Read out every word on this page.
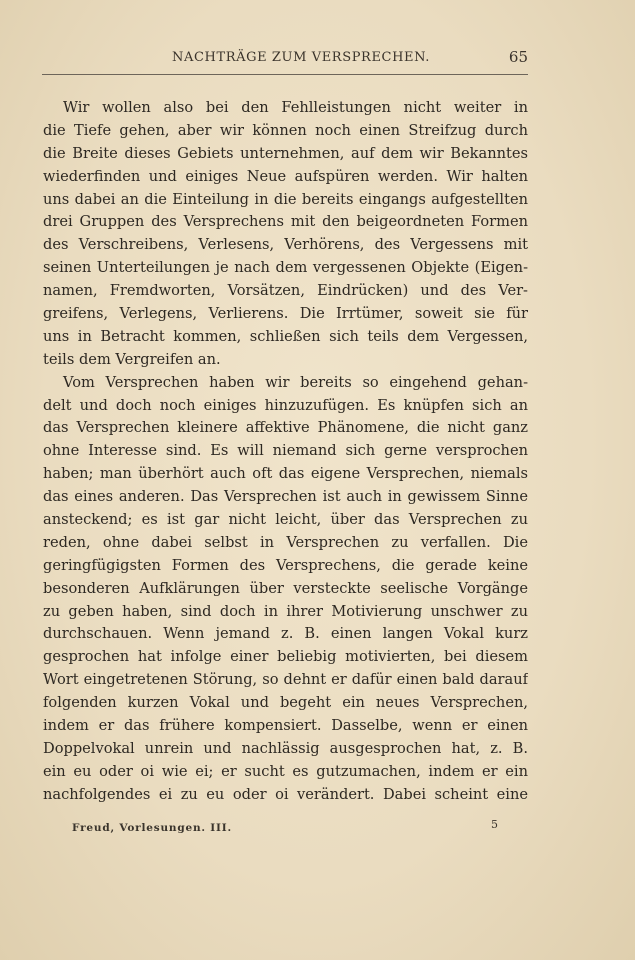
NACHTRÄGE ZUM VERSPRECHEN.	65
Wir wollen also bei den Fehlleistungen nicht weiter in
die Tiefe gehen, aber wir können noch einen Streifzug durch
die Breite dieses Gebiets unternehmen, auf dem wir Bekanntes
wiederfinden und einiges Neue aufspüren werden. Wir halten
uns dabei an die Einteilung in die bereits eingangs aufgestellten
drei Gruppen des Versprechens mit den beigeordneten Formen
des Verschreibens, Verlesens, Verhörens, des Vergessens mit
seinen Unterteilungen je nach dem vergessenen Objekte (Eigen-
namen, Fremdworten, Vorsätzen, Eindrücken) und des Ver-
greifens, Verlegens, Verlierens. Die Irrtümer, soweit sie für
uns in Betracht kommen, schließen sich teils dem Vergessen,
teils dem Vergreifen an.
Vom Versprechen haben wir bereits so eingehend gehan-
delt und doch noch einiges hinzuzufügen. Es knüpfen sich an
das Versprechen kleinere affektive Phänomene, die nicht ganz
ohne Interesse sind. Es will niemand sich gerne versprochen
haben; man überhört auch oft das eigene Versprechen, niemals
das eines anderen. Das Versprechen ist auch in gewissem Sinne
ansteckend; es ist gar nicht leicht, über das Versprechen zu
reden, ohne dabei selbst in Versprechen zu verfallen. Die
geringfügigsten Formen des Versprechens, die gerade keine
besonderen Aufklärungen über versteckte seelische Vorgänge
zu geben haben, sind doch in ihrer Motivierung unschwer zu
durchschauen. Wenn jemand z. B. einen langen Vokal kurz
gesprochen hat infolge einer beliebig motivierten, bei diesem
Wort eingetretenen Störung, so dehnt er dafür einen bald darauf
folgenden kurzen Vokal und begeht ein neues Versprechen,
indem er das frühere kompensiert. Dasselbe, wenn er einen
Doppelvokal unrein und nachlässig ausgesprochen hat, z. B.
ein eu oder oi wie ei; er sucht es gutzumachen, indem er ein
nachfolgendes ei zu eu oder oi verändert. Dabei scheint eine
Freud, Vorlesungen. III.	5
